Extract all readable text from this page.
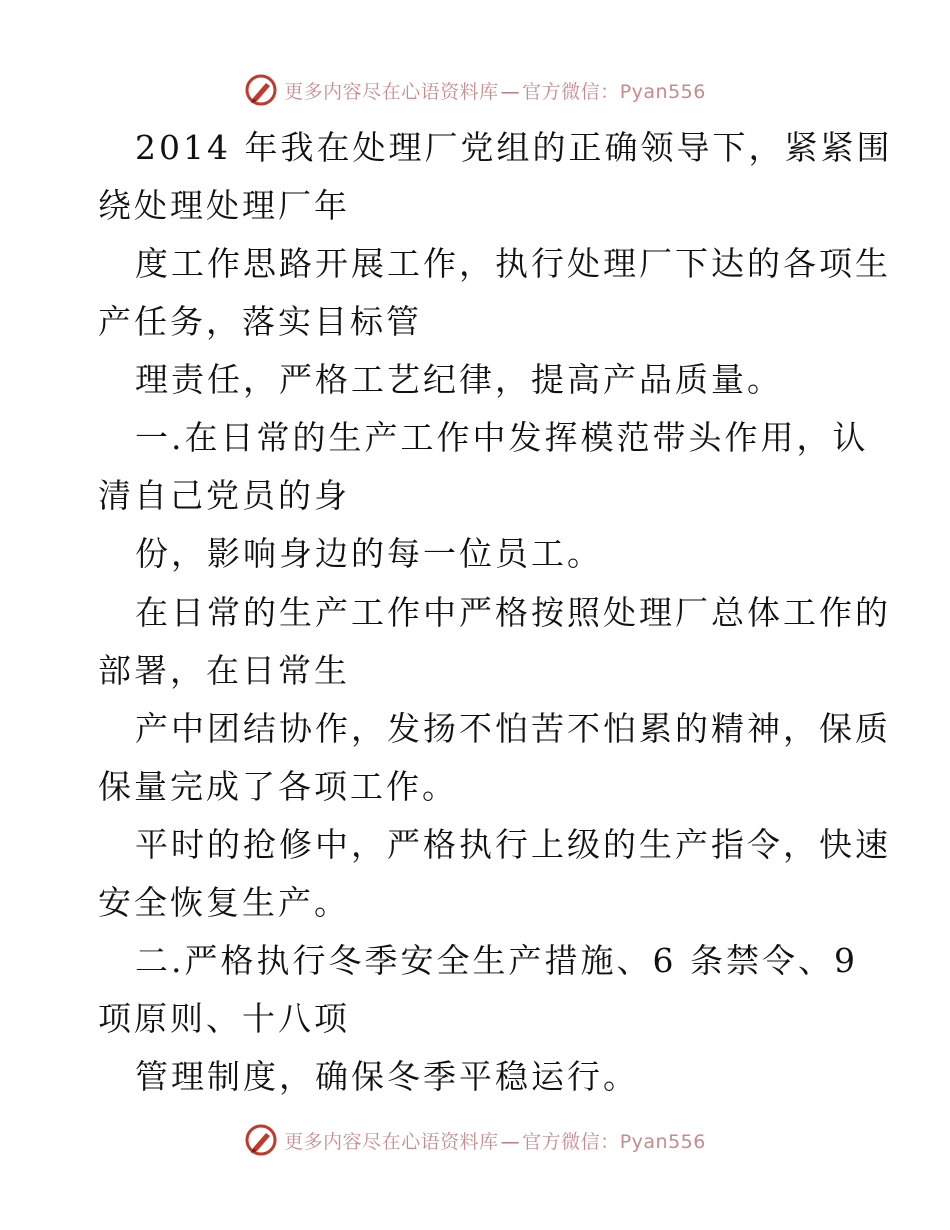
更多内容尽在心语资料库 — 官方微信：Pyan556
2014 年我在处理厂党组的正确领导下，紧紧围
绕处理处理厂年
度工作思路开展工作，执行处理厂下达的各项生
产任务，落实目标管
理责任，严格工艺纪律，提高产品质量。
一.在日常的生产工作中发挥模范带头作用，认
清自己党员的身
份，影响身边的每一位员工。
在日常的生产工作中严格按照处理厂总体工作的
部署，在日常生
产中团结协作，发扬不怕苦不怕累的精神，保质
保量完成了各项工作。
平时的抢修中，严格执行上级的生产指令，快速
安全恢复生产。
二.严格执行冬季安全生产措施、6 条禁令、9
项原则、十八项
管理制度，确保冬季平稳运行。
更多内容尽在心语资料库 — 官方微信：Pyan556
